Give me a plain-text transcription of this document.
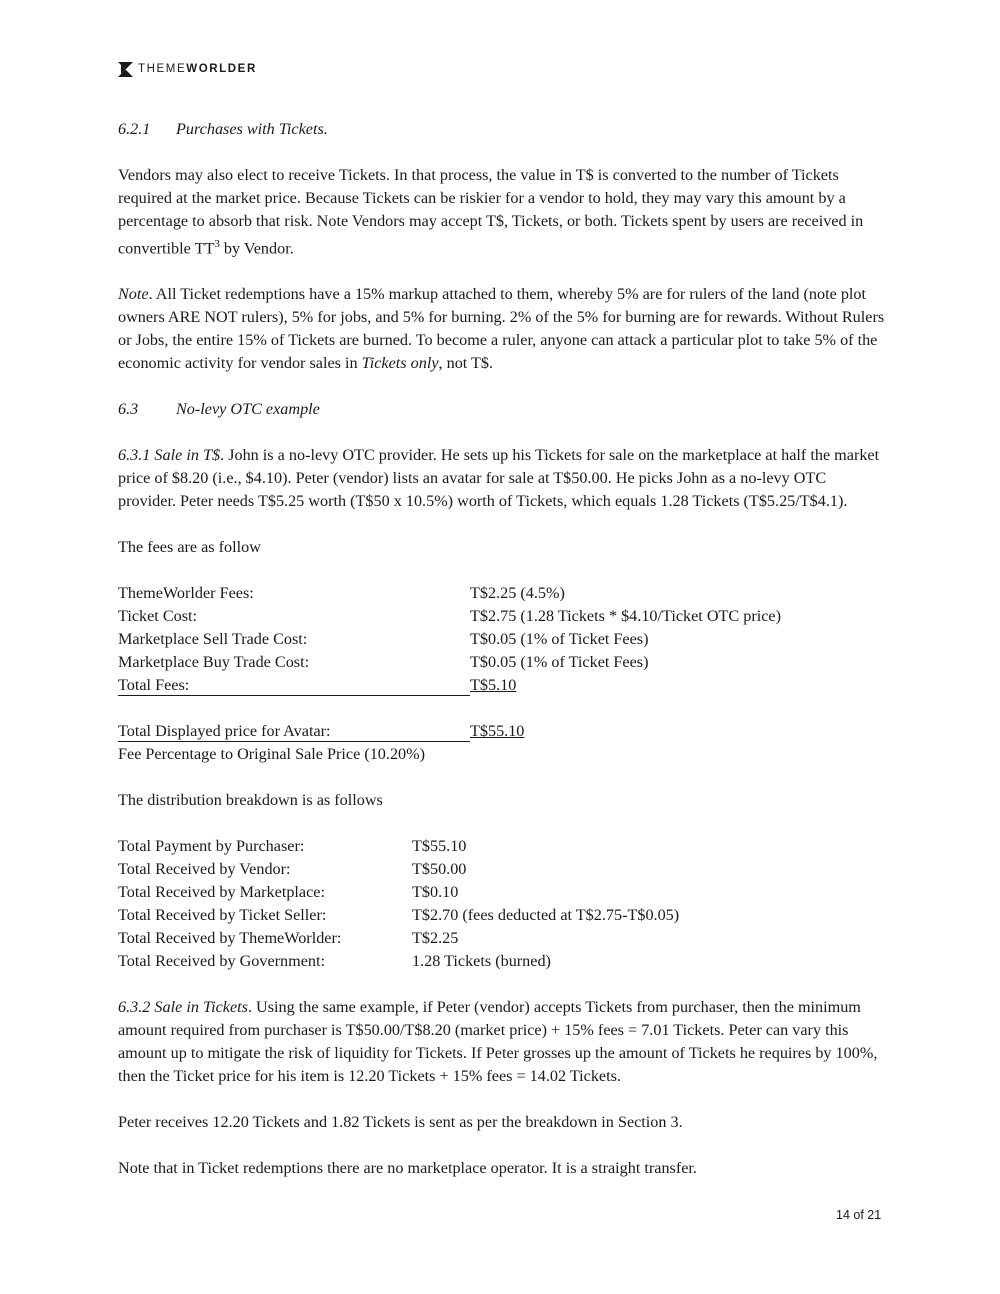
THEMEWORLDER

6.2.1 Purchases with Tickets.

Vendors may also elect to receive Tickets. In that process, the value in T$ is converted to the number of Tickets required at the market price. Because Tickets can be riskier for a vendor to hold, they may vary this amount by a percentage to absorb that risk. Note Vendors may accept T$, Tickets, or both. Tickets spent by users are received in convertible $TT^3$ by Vendor.

Note. All Ticket redemptions have a 15% markup attached to them, whereby 5% are for rulers of the land (note plot owners ARE NOT rulers), 5% for jobs, and 5% for burning. 2% of the 5% for burning are for rewards. Without Rulers or Jobs, the entire 15% of Tickets are burned. To become a ruler, anyone can attack a particular plot to take 5% of the economic activity for vendor sales in Tickets only, not T$.

6.3 No-levy OTC example

6.3.1 Sale in T$. John is a no-levy OTC provider. He sets up his Tickets for sale on the marketplace at half the market price of $8.20 (i.e., $4.10). Peter (vendor) lists an avatar for sale at T$50.00. He picks John as a no-levy OTC provider. Peter needs T$5.25 worth (T$50 x 10.5%) worth of Tickets, which equals 1.28 Tickets (T$5.25/T$4.1).

The fees are as follow

ThemeWorlder Fees:	T$2.25 (4.5%)
Ticket Cost:	T$2.75 (1.28 Tickets * $4.10/Ticket OTC price)
Marketplace Sell Trade Cost:	T$0.05 (1% of Ticket Fees)
Marketplace Buy Trade Cost:	T$0.05 (1% of Ticket Fees)
Total Fees:	T$5.10
Total Displayed price for Avatar:	T$55.10

Fee Percentage to Original Sale Price (10.20%)

The distribution breakdown is as follows

Total Payment by Purchaser:	T$55.10
Total Received by Vendor:	T$50.00
Total Received by Marketplace:	T$0.10
Total Received by Ticket Seller:	T$2.70 (fees deducted at T$2.75-T$0.05)
Total Received by ThemeWorlder:	T$2.25
Total Received by Government:	1.28 Tickets (burned)

6.3.2 Sale in Tickets. Using the same example, if Peter (vendor) accepts Tickets from purchaser, then the minimum amount required from purchaser is T$50.00/T$8.20 (market price) + 15% fees = 7.01 Tickets. Peter can vary this amount up to mitigate the risk of liquidity for Tickets. If Peter grosses up the amount of Tickets he requires by 100%, then the Ticket price for his item is 12.20 Tickets + 15% fees = 14.02 Tickets.

Peter receives 12.20 Tickets and 1.82 Tickets is sent as per the breakdown in Section 3.

Note that in Ticket redemptions there are no marketplace operator. It is a straight transfer.

14 of 21
